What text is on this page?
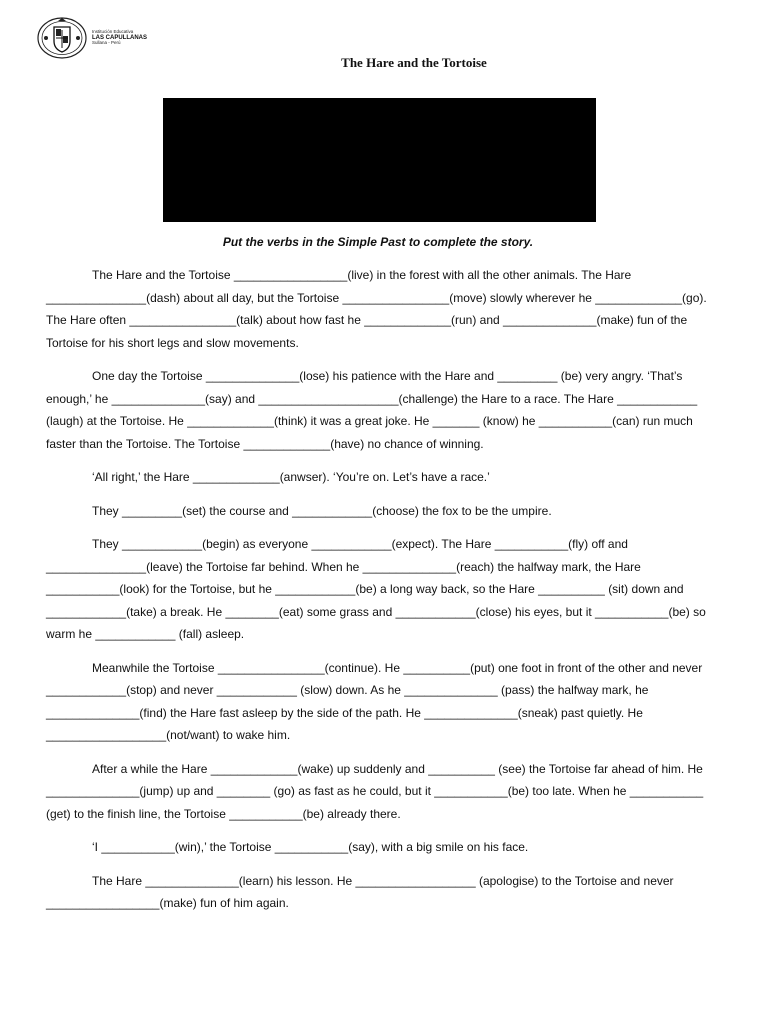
Institución Educativa
LAS CAPULLANAS
Sullana - Perú
The Hare and the Tortoise
Put the verbs in the Simple Past to complete the story.

The Hare and the Tortoise _________________(live) in the forest with all the other animals. The Hare _______________(dash) about all day, but the Tortoise ________________(move) slowly wherever he _____________(go). The Hare often ________________(talk) about how fast he _____________(run) and ______________(make) fun of the Tortoise for his short legs and slow movements.

One day the Tortoise ______________(lose) his patience with the Hare and _________ (be) very angry. ‘That’s enough,’ he ______________(say) and _____________________(challenge) the Hare to a race. The Hare ____________ (laugh) at the Tortoise. He _____________(think) it was a great joke. He _______ (know) he ___________(can) run much faster than the Tortoise. The Tortoise _____________(have) no chance of winning.

‘All right,’ the Hare _____________(anwser). ‘You’re on. Let’s have a race.’

They _________(set) the course and ____________(choose) the fox to be the umpire.

They ____________(begin) as everyone ____________(expect). The Hare ___________(fly) off and _______________(leave) the Tortoise far behind. When he ______________(reach) the halfway mark, the Hare ___________(look) for the Tortoise, but he ____________(be) a long way back, so the Hare __________ (sit) down and ____________(take) a break. He ________(eat) some grass and ____________(close) his eyes, but it ___________(be) so warm he ____________ (fall) asleep.

Meanwhile the Tortoise ________________(continue). He __________(put) one foot in front of the other and never ____________(stop) and never ____________ (slow) down. As he ______________ (pass) the halfway mark, he ______________(find) the Hare fast asleep by the side of the path. He ______________(sneak) past quietly. He __________________(not/want) to wake him.

After a while the Hare _____________(wake) up suddenly and __________ (see) the Tortoise far ahead of him. He ______________(jump) up and ________ (go) as fast as he could, but it ___________(be) too late. When he ___________ (get) to the finish line, the Tortoise ___________(be) already there.

‘I ___________(win),’ the Tortoise ___________(say), with a big smile on his face.

The Hare ______________(learn) his lesson. He __________________ (apologise) to the Tortoise and never _________________(make) fun of him again.
